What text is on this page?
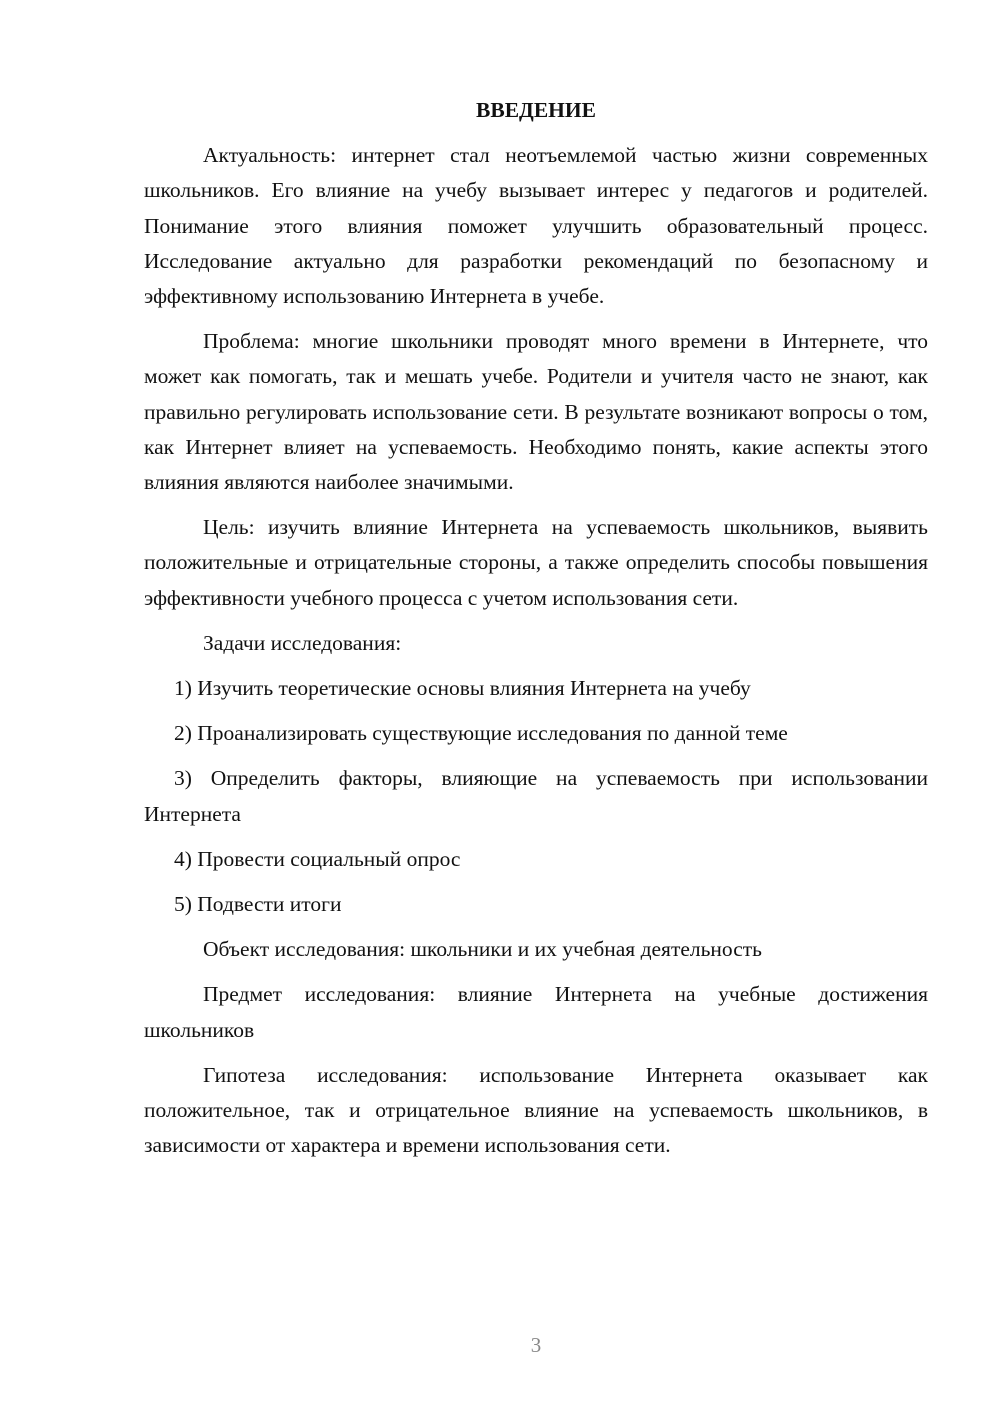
ВВЕДЕНИЕ
Актуальность: интернет стал неотъемлемой частью жизни современных школьников. Его влияние на учебу вызывает интерес у педагогов и родителей. Понимание этого влияния поможет улучшить образовательный процесс. Исследование актуально для разработки рекомендаций по безопасному и эффективному использованию Интернета в учебе.
Проблема: многие школьники проводят много времени в Интернете, что может как помогать, так и мешать учебе. Родители и учителя часто не знают, как правильно регулировать использование сети. В результате возникают вопросы о том, как Интернет влияет на успеваемость. Необходимо понять, какие аспекты этого влияния являются наиболее значимыми.
Цель: изучить влияние Интернета на успеваемость школьников, выявить положительные и отрицательные стороны, а также определить способы повышения эффективности учебного процесса с учетом использования сети.
Задачи исследования:
1) Изучить теоретические основы влияния Интернета на учебу
2) Проанализировать существующие исследования по данной теме
3) Определить факторы, влияющие на успеваемость при использовании Интернета
4) Провести социальный опрос
5) Подвести итоги
Объект исследования: школьники и их учебная деятельность
Предмет исследования: влияние Интернета на учебные достижения школьников
Гипотеза исследования: использование Интернета оказывает как положительное, так и отрицательное влияние на успеваемость школьников, в зависимости от характера и времени использования сети.
3
